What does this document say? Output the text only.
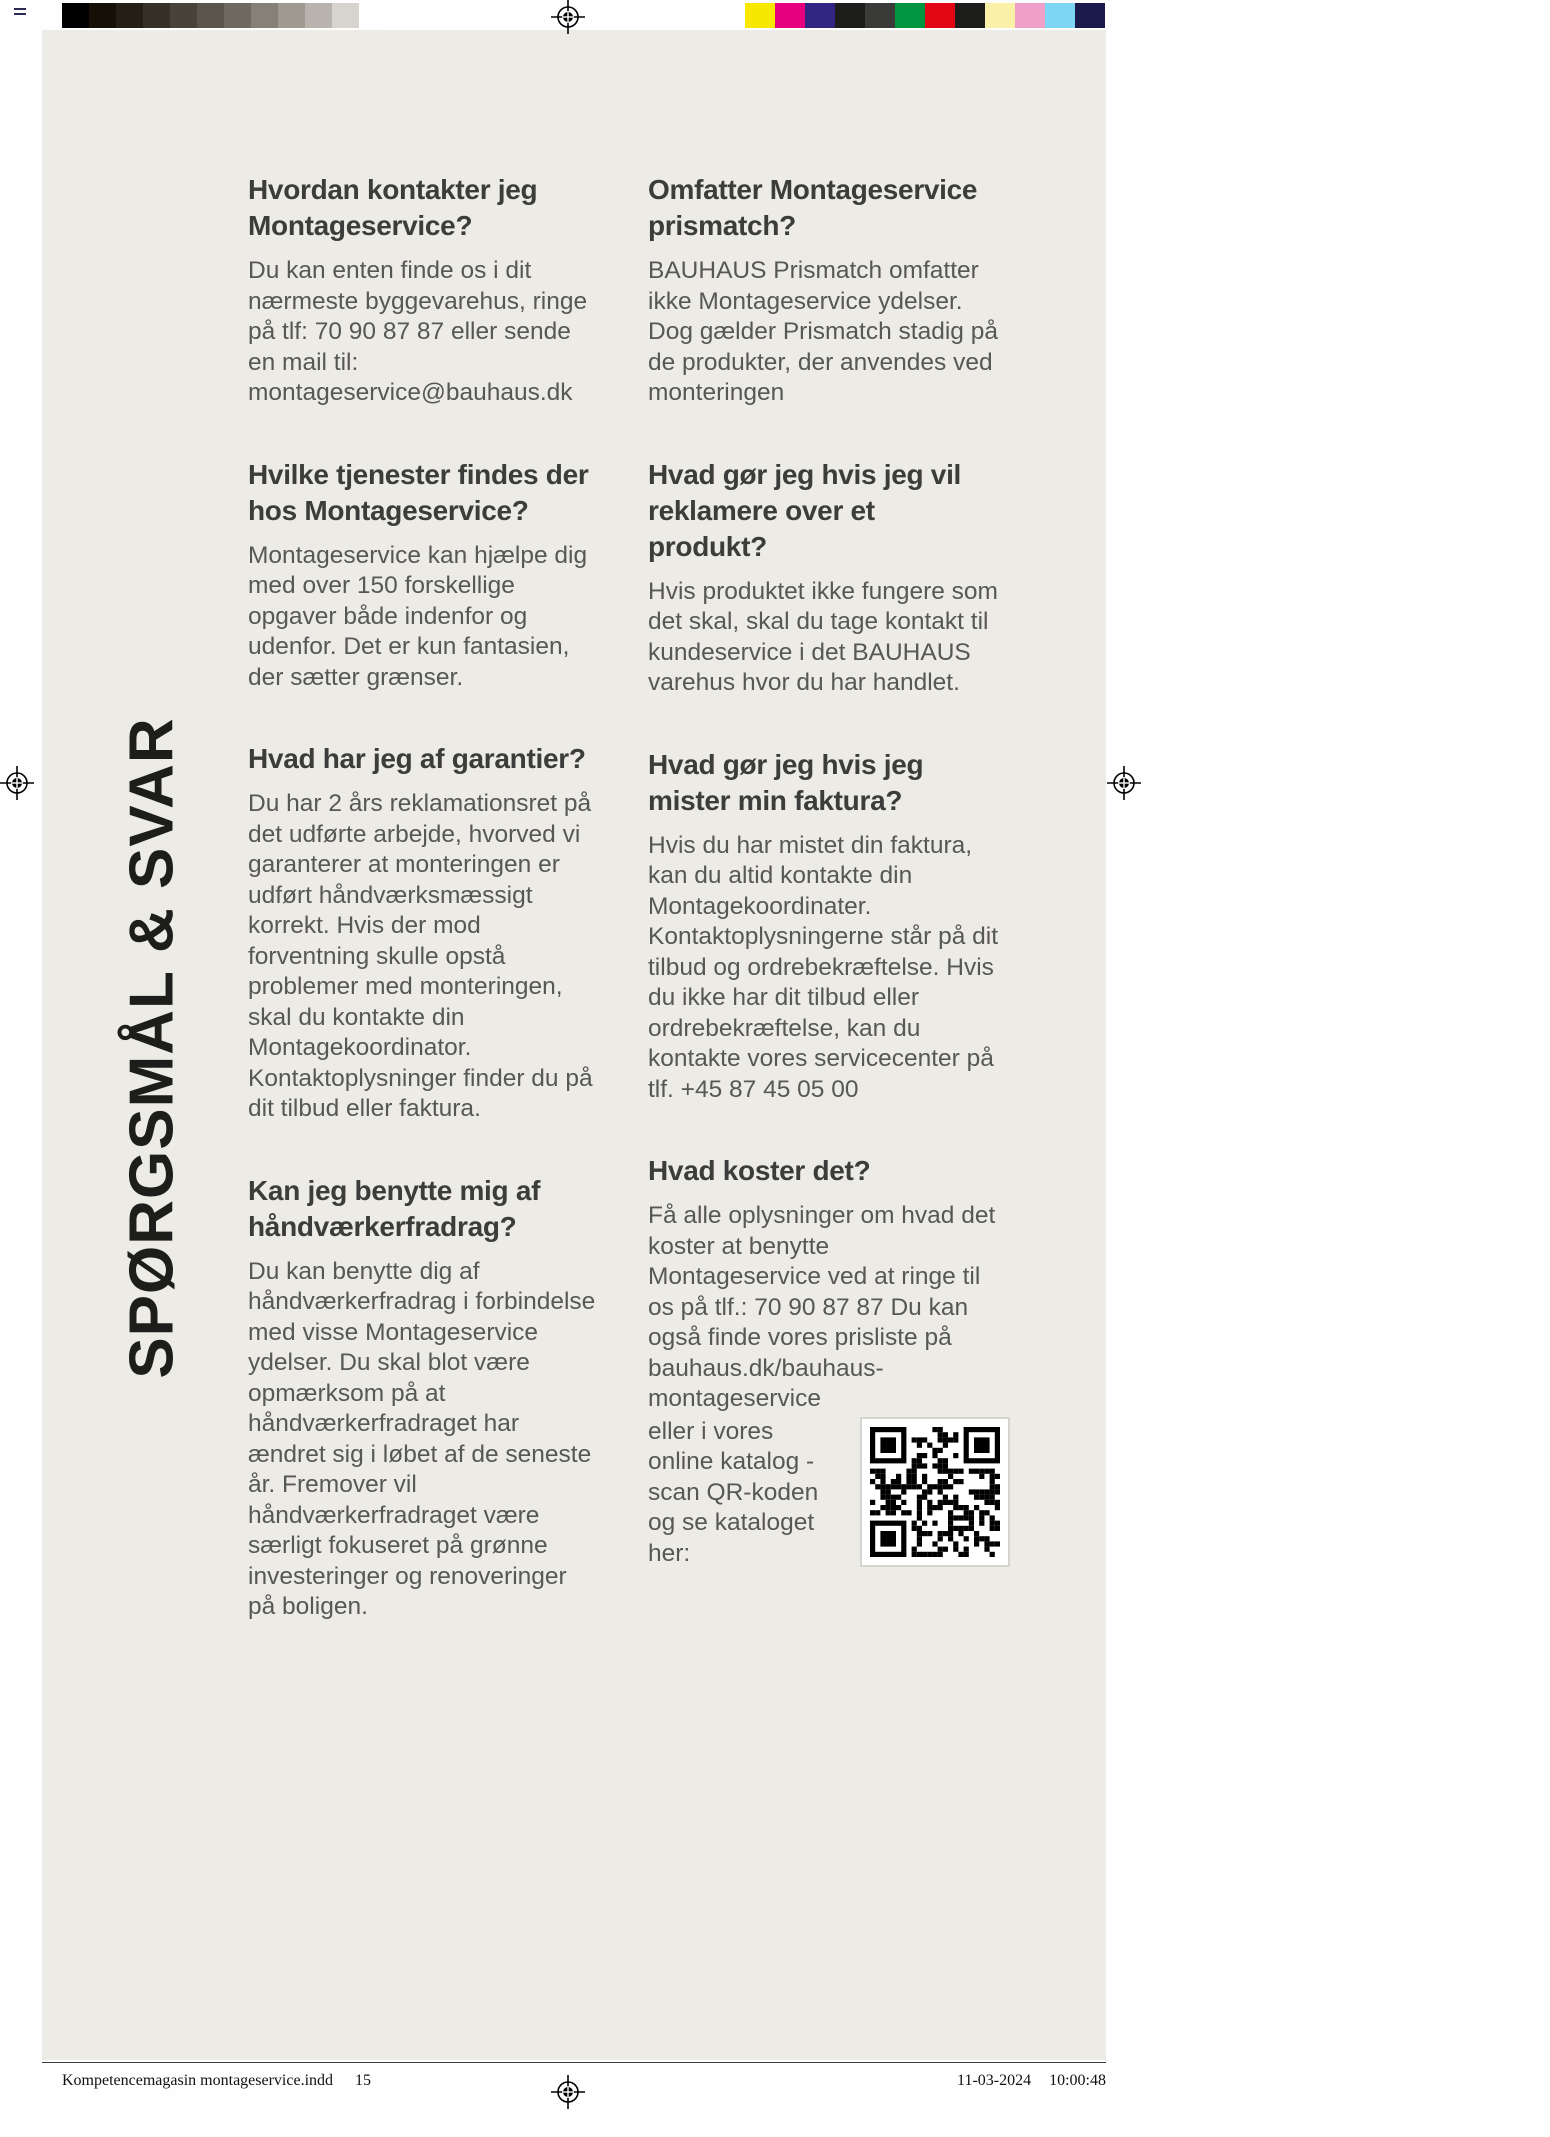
SPØRGSMÅL & SVAR
Hvordan kontakter jeg Montageservice?

Du kan enten finde os i dit nærmeste byggevarehus, ringe på tlf: 70 90 87 87 eller sende en mail til: montageservice@bauhaus.dk

Hvilke tjenester findes der hos Montageservice?

Montageservice kan hjælpe dig med over 150 forskellige opgaver både indenfor og udenfor. Det er kun fantasien, der sætter grænser.

Hvad har jeg af garantier?

Du har 2 års reklamationsret på det udførte arbejde, hvorved vi garanterer at monteringen er udført håndværksmæssigt korrekt. Hvis der mod forventning skulle opstå problemer med monteringen, skal du kontakte din Montagekoordinator. Kontaktoplysninger finder du på dit tilbud eller faktura.

Kan jeg benytte mig af håndværkerfradrag?

Du kan benytte dig af håndværkerfradrag i forbindelse med visse Montageservice ydelser. Du skal blot være opmærksom på at håndværkerfradraget har ændret sig i løbet af de seneste år. Fremover vil håndværkerfradraget være særligt fokuseret på grønne investeringer og renoveringer på boligen.

Omfatter Montageservice prismatch?

BAUHAUS Prismatch omfatter ikke Montageservice ydelser. Dog gælder Prismatch stadig på de produkter, der anvendes ved monteringen

Hvad gør jeg hvis jeg vil reklamere over et produkt?

Hvis produktet ikke fungere som det skal, skal du tage kontakt til kundeservice i det BAUHAUS varehus hvor du har handlet.

Hvad gør jeg hvis jeg mister min faktura?

Hvis du har mistet din faktura, kan du altid kontakte din Montagekoordinater. Kontaktoplysningerne står på dit tilbud og ordrebekræftelse. Hvis du ikke har dit tilbud eller ordrebekræftelse, kan du kontakte vores servicecenter på tlf. +45 87 45 05 00

Hvad koster det?

Få alle oplysninger om hvad det koster at benytte Montageservice ved at ringe til os på tlf.: 70 90 87 87 Du kan også finde vores prisliste på bauhaus.dk/bauhaus-montageservice

eller i vores online katalog - scan QR-koden og se kataloget her:

Kompetencemagasin montageservice.indd 15	11-03-2024 10:00:48
